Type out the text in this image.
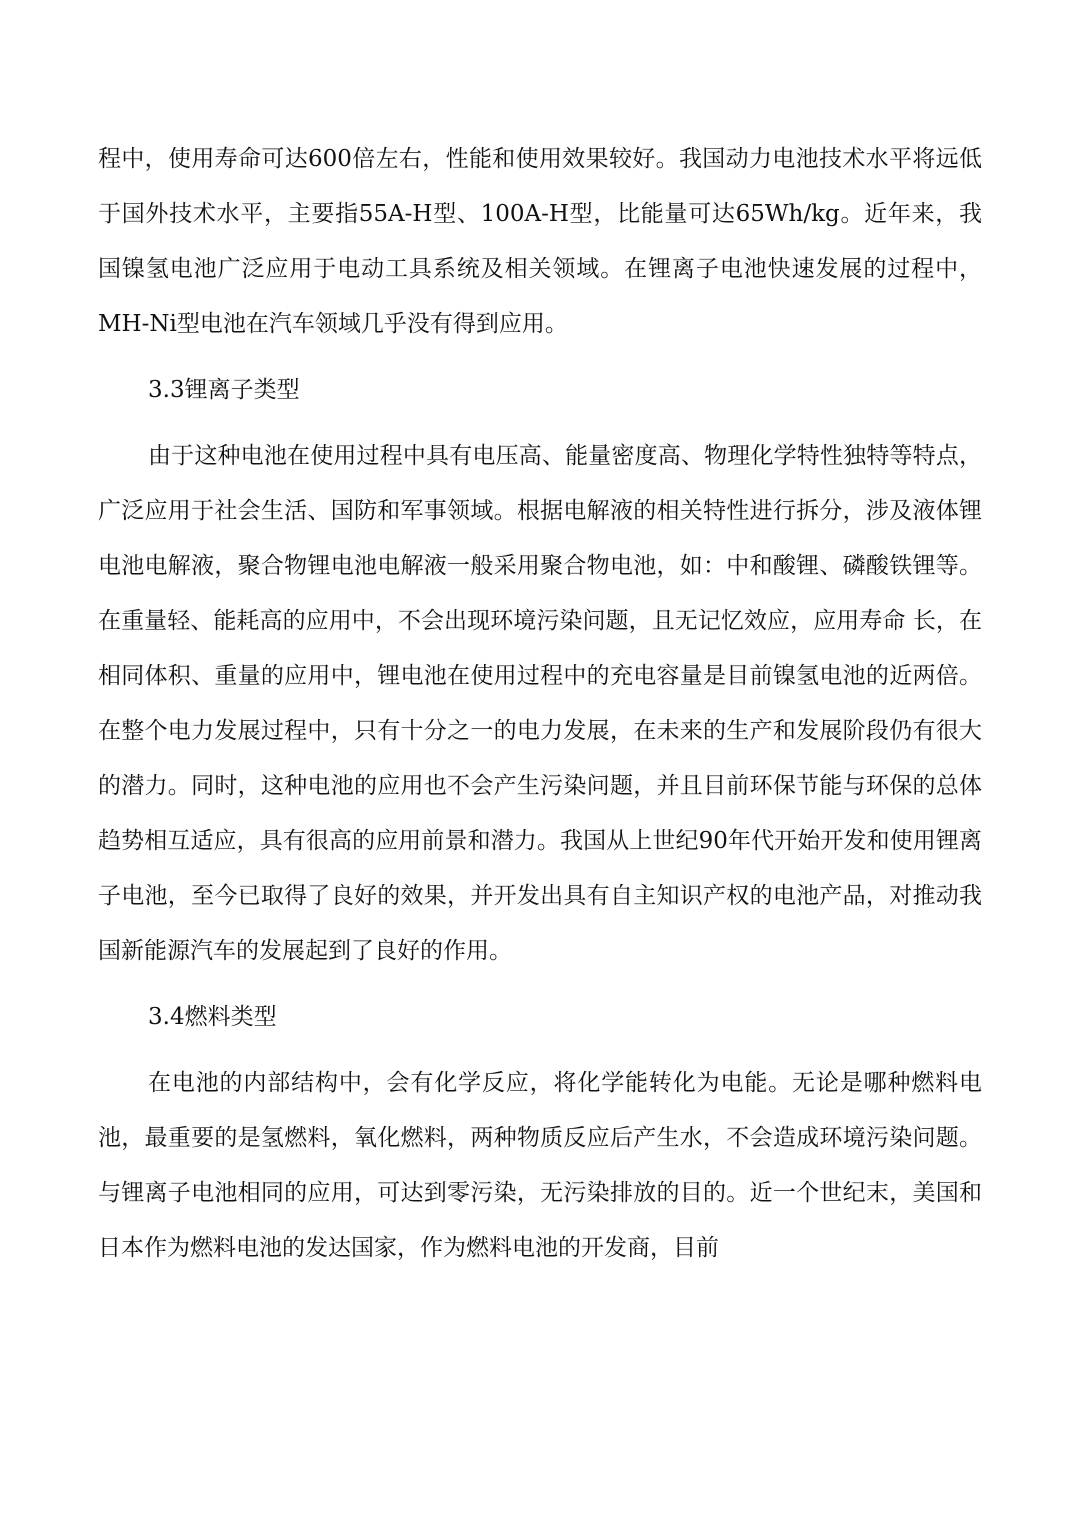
程中，使用寿命可达600倍左右，性能和使用效果较好。我国动力电池技术水平将远低于国外技术水平，主要指55A-H型、100A-H型，比能量可达65Wh/kg。近年来，我国镍氢电池广泛应用于电动工具系统及相关领域。在锂离子电池快速发展的过程中，MH-Ni型电池在汽车领域几乎没有得到应用。

3.3锂离子类型

由于这种电池在使用过程中具有电压高、能量密度高、物理化学特性独特等特点，广泛应用于社会生活、国防和军事领域。根据电解液的相关特性进行拆分，涉及液体锂电池电解液，聚合物锂电池电解液一般采用聚合物电池，如：中和酸锂、磷酸铁锂等。在重量轻、能耗高的应用中，不会出现环境污染问题，且无记忆效应，应用寿命 长，在相同体积、重量的应用中，锂电池在使用过程中的充电容量是目前镍氢电池的近两倍。在整个电力发展过程中，只有十分之一的电力发展，在未来的生产和发展阶段仍有很大的潜力。同时，这种电池的应用也不会产生污染问题，并且目前环保节能与环保的总体趋势相互适应，具有很高的应用前景和潜力。我国从上世纪90年代开始开发和使用锂离子电池，至今已取得了良好的效果，并开发出具有自主知识产权的电池产品，对推动我国新能源汽车的发展起到了良好的作用。

3.4燃料类型

在电池的内部结构中，会有化学反应，将化学能转化为电能。无论是哪种燃料电池，最重要的是氢燃料，氧化燃料，两种物质反应后产生水，不会造成环境污染问题。与锂离子电池相同的应用，可达到零污染，无污染排放的目的。近一个世纪末，美国和日本作为燃料电池的发达国家，作为燃料电池的开发商，目前
